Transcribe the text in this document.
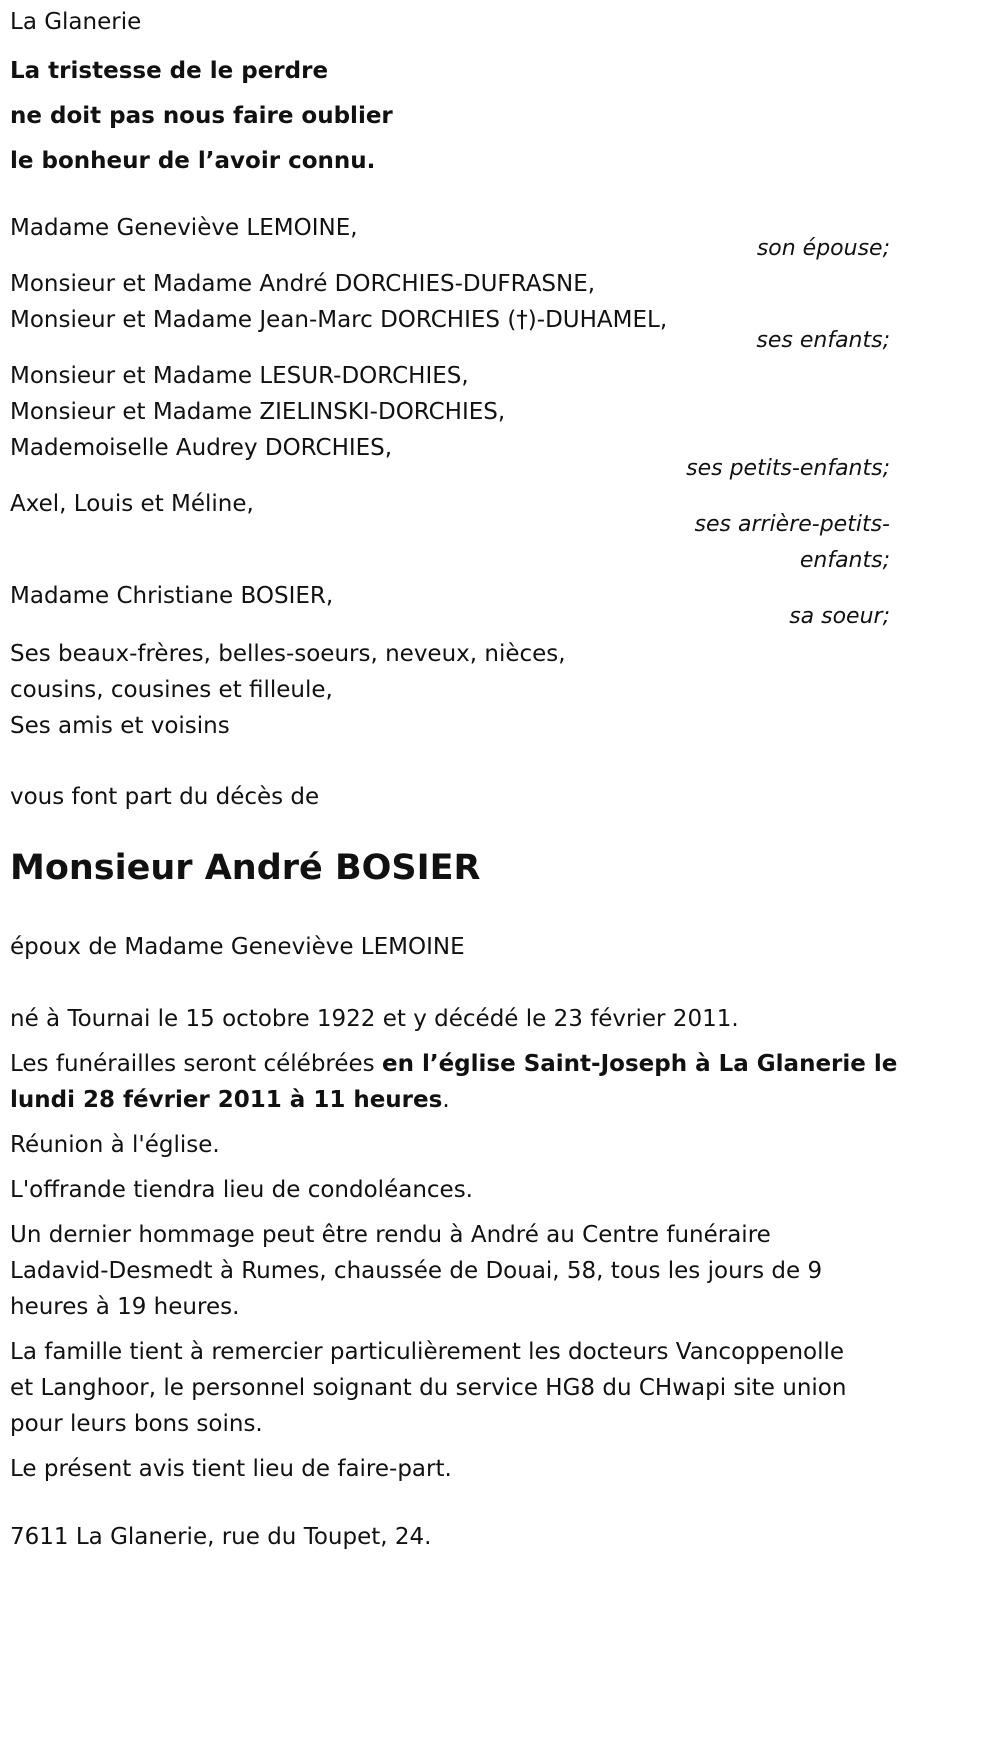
La Glanerie

La tristesse de le perdre

ne doit pas nous faire oublier

le bonheur de l’avoir connu.

Madame Geneviève LEMOINE,

son épouse;

Monsieur et Madame André DORCHIES-DUFRASNE,

Monsieur et Madame Jean-Marc DORCHIES (†)-DUHAMEL,

ses enfants;

Monsieur et Madame LESUR-DORCHIES,

Monsieur et Madame ZIELINSKI-DORCHIES,

Mademoiselle Audrey DORCHIES,

ses petits-enfants;

Axel, Louis et Méline,

ses arrière-petits-

enfants;

Madame Christiane BOSIER,

sa soeur;

Ses beaux-frères, belles-soeurs, neveux, nièces,

cousins, cousines et filleule,

Ses amis et voisins

vous font part du décès de

Monsieur André BOSIER

époux de Madame Geneviève LEMOINE

né à Tournai le 15 octobre 1922 et y décédé le 23 février 2011.

Les funérailles seront célébrées en l’église Saint-Joseph à La Glanerie le
lundi 28 février 2011 à 11 heures.

Réunion à l'église.

L'offrande tiendra lieu de condoléances.

Un dernier hommage peut être rendu à André au Centre funéraire
Ladavid-Desmedt à Rumes, chaussée de Douai, 58, tous les jours de 9
heures à 19 heures.

La famille tient à remercier particulièrement les docteurs Vancoppenolle
et Langhoor, le personnel soignant du service HG8 du CHwapi site union
pour leurs bons soins.

Le présent avis tient lieu de faire-part.

7611 La Glanerie, rue du Toupet, 24.
